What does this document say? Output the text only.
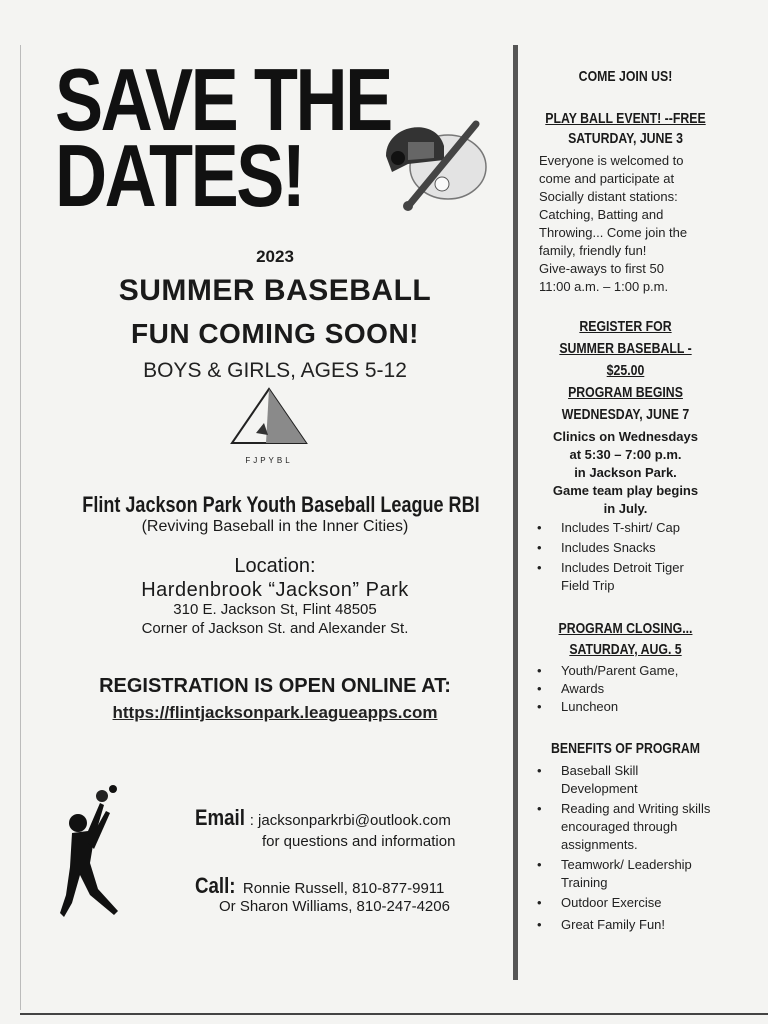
SAVE THE
DATES!
2023
SUMMER BASEBALL
FUN COMING SOON!
BOYS & GIRLS, AGES 5-12
FJPYBL
Flint Jackson Park Youth Baseball League RBI
(Reviving Baseball in the Inner Cities)
Location:
Hardenbrook “Jackson” Park
310 E. Jackson St, Flint 48505
Corner of Jackson St. and Alexander St.
REGISTRATION IS OPEN ONLINE AT:
https://flintjacksonpark.leagueapps.com
Email : jacksonparkrbi@outlook.com
for questions and information
Call: Ronnie Russell, 810-877-9911
Or Sharon Williams, 810-247-4206
COME JOIN US!
PLAY BALL EVENT! --FREE
SATURDAY, JUNE 3
Everyone is welcomed to
come and participate at
Socially distant stations:
Catching, Batting and
Throwing... Come join the
family, friendly fun!
Give-aways to first 50
11:00 a.m. – 1:00 p.m.
REGISTER FOR
SUMMER BASEBALL -
$25.00
PROGRAM BEGINS
WEDNESDAY, JUNE 7
Clinics on Wednesdays
at 5:30 – 7:00 p.m.
in Jackson Park.
Game team play begins
in July.
• Includes T-shirt/ Cap
• Includes Snacks
• Includes Detroit Tiger Field Trip
PROGRAM CLOSING...
SATURDAY, AUG. 5
• Youth/Parent Game,
• Awards
• Luncheon
BENEFITS OF PROGRAM
• Baseball Skill Development
• Reading and Writing skills encouraged through assignments.
• Teamwork/ Leadership Training
• Outdoor Exercise
• Great Family Fun!
